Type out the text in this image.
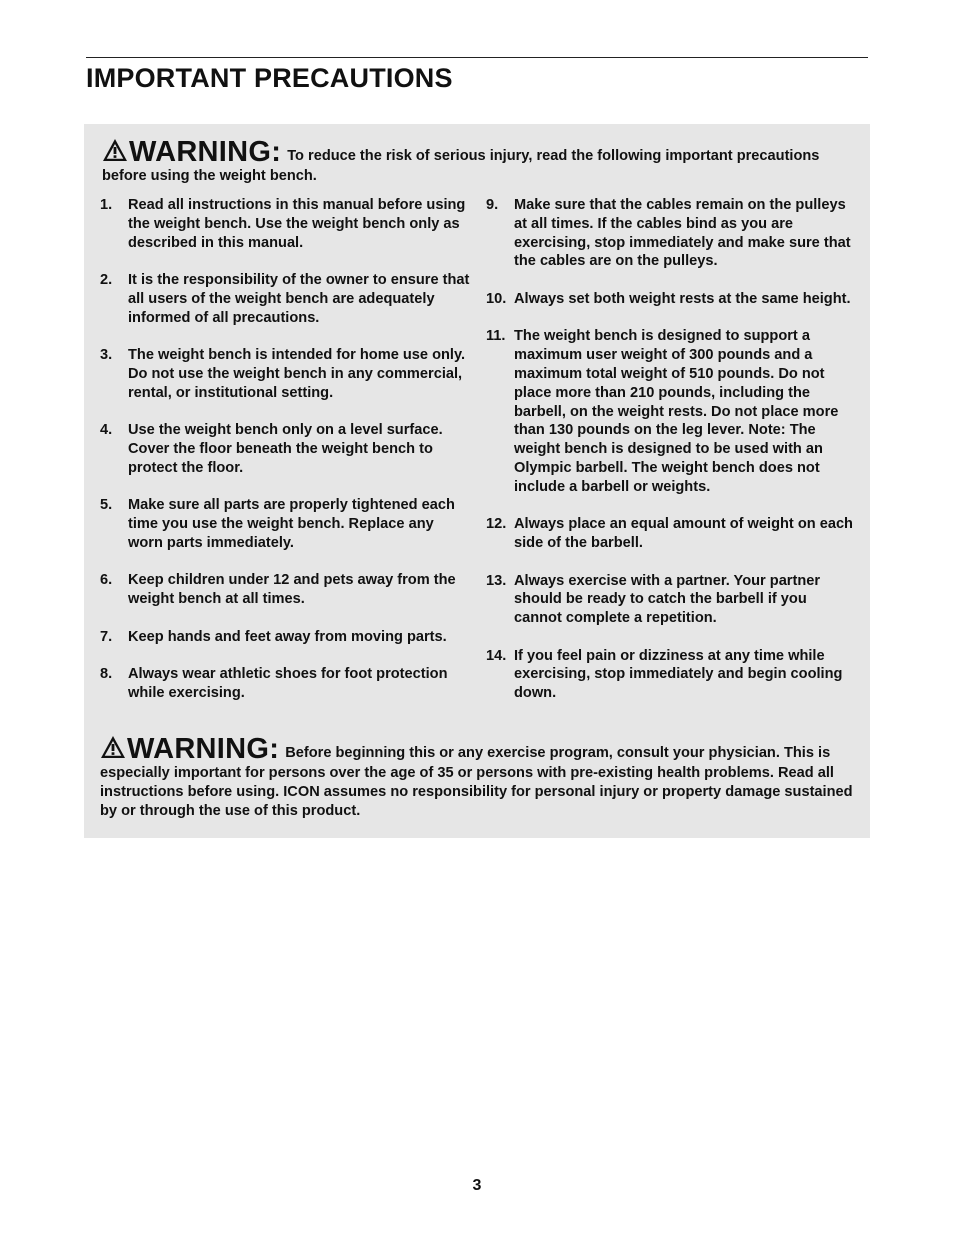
IMPORTANT PRECAUTIONS
WARNING: To reduce the risk of serious injury, read the following important precautions before using the weight bench.
1. Read all instructions in this manual before using the weight bench. Use the weight bench only as described in this manual.
2. It is the responsibility of the owner to ensure that all users of the weight bench are adequately informed of all precautions.
3. The weight bench is intended for home use only. Do not use the weight bench in any commercial, rental, or institutional setting.
4. Use the weight bench only on a level surface. Cover the floor beneath the weight bench to protect the floor.
5. Make sure all parts are properly tightened each time you use the weight bench. Replace any worn parts immediately.
6. Keep children under 12 and pets away from the weight bench at all times.
7. Keep hands and feet away from moving parts.
8. Always wear athletic shoes for foot protection while exercising.
9. Make sure that the cables remain on the pulleys at all times. If the cables bind as you are exercising, stop immediately and make sure that the cables are on the pulleys.
10. Always set both weight rests at the same height.
11. The weight bench is designed to support a maximum user weight of 300 pounds and a maximum total weight of 510 pounds. Do not place more than 210 pounds, including the barbell, on the weight rests. Do not place more than 130 pounds on the leg lever. Note: The weight bench is designed to be used with an Olympic barbell. The weight bench does not include a barbell or weights.
12. Always place an equal amount of weight on each side of the barbell.
13. Always exercise with a partner. Your partner should be ready to catch the barbell if you cannot complete a repetition.
14. If you feel pain or dizziness at any time while exercising, stop immediately and begin cooling down.
WARNING: Before beginning this or any exercise program, consult your physician. This is especially important for persons over the age of 35 or persons with pre-existing health problems. Read all instructions before using. ICON assumes no responsibility for personal injury or property damage sustained by or through the use of this product.
3
